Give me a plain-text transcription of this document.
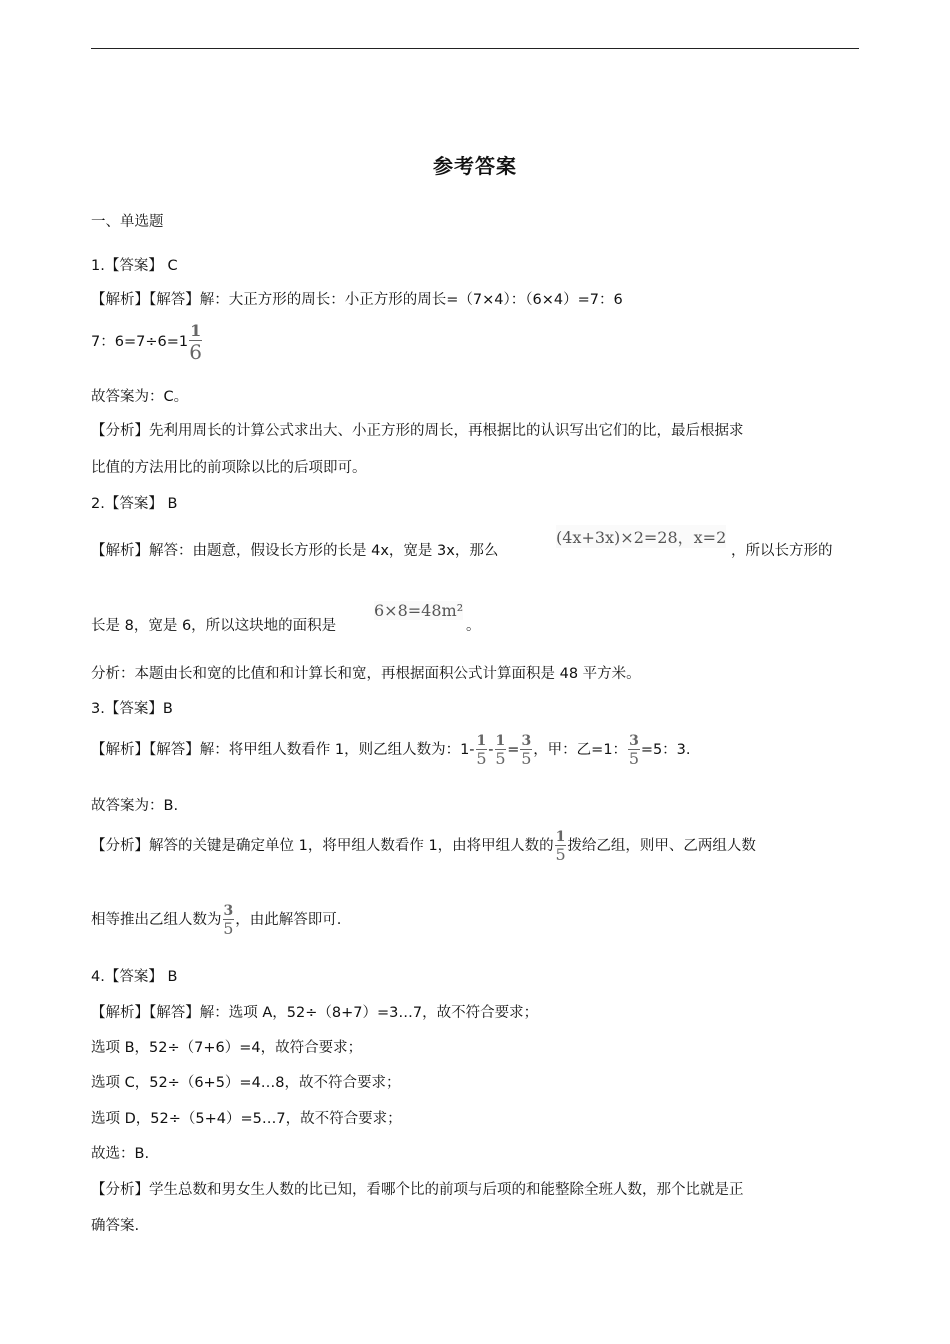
参考答案
一、单选题
1.【答案】 C
【解析】【解答】解：大正方形的周长：小正方形的周长=（7×4）：（6×4）=7：6
7：$6=7\div 6=1 \frac{1}{6}$
故答案为：C。
【分析】先利用周长的计算公式求出大、小正方形的周长，再根据比的认识写出它们的比，最后根据求
比值的方法用比的前项除以比的后项即可。
2.【答案】 B
【解析】解答：由题意，假设长方形的长是 4x，宽是 3x，那么
(4x+3x)×2=28，x=2
，所以长方形的
长是 8，宽是 6，所以这块地的面积是
6×8=48m²
。
分析：本题由长和宽的比值和和计算长和宽，再根据面积公式计算面积是 48 平方米。
3.【答案】B
【解析】【解答】解：将甲组人数看作 1，则乙组人数为：$1- \frac{1}{5} - \frac{1}{5} = \frac{3}{5}$ ，甲：乙=1： $\frac{3}{5} =5$：3.
故答案为：B.
【分析】解答的关键是确定单位 1，将甲组人数看作 1，由将甲组人数的 $\frac{1}{5}$ 拨给乙组，则甲、乙两组人数
相等推出乙组人数为 $\frac{3}{5}$ ，由此解答即可.
4.【答案】 B
【解析】【解答】解：选项 A，52÷（8+7）=3…7，故不符合要求；
选项 B，52÷（7+6）=4，故符合要求；
选项 C，52÷（6+5）=4…8，故不符合要求；
选项 D，52÷（5+4）=5…7，故不符合要求；
故选：B.
【分析】学生总数和男女生人数的比已知，看哪个比的前项与后项的和能整除全班人数，那个比就是正
确答案.
